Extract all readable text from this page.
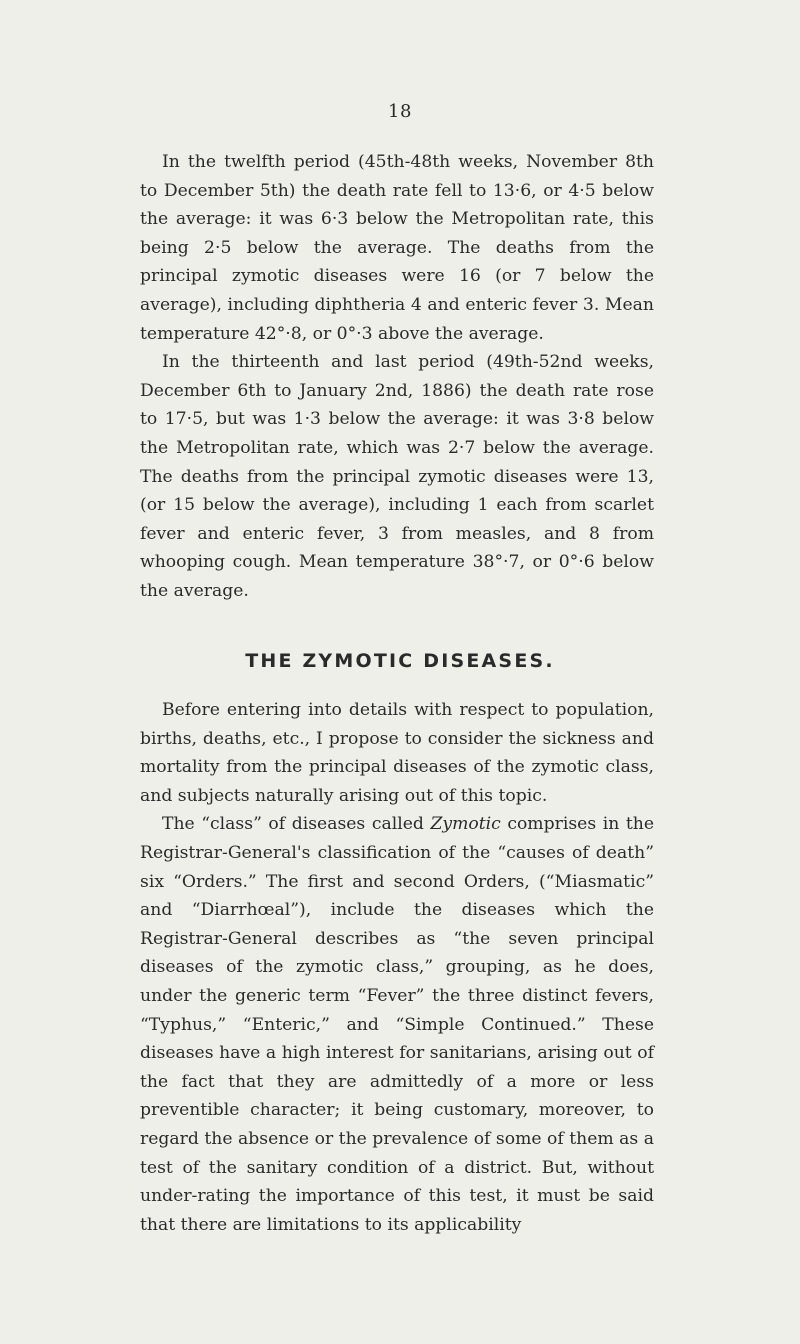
18

In the twelfth period (45th-48th weeks, November 8th to December 5th) the death rate fell to 13·6, or 4·5 below the average: it was 6·3 below the Metropolitan rate, this being 2·5 below the average. The deaths from the principal zymotic diseases were 16 (or 7 below the average), including diphtheria 4 and enteric fever 3. Mean temperature 42°·8, or 0°·3 above the average.

In the thirteenth and last period (49th-52nd weeks, December 6th to January 2nd, 1886) the death rate rose to 17·5, but was 1·3 below the average: it was 3·8 below the Metropolitan rate, which was 2·7 below the average. The deaths from the principal zymotic diseases were 13, (or 15 below the average), including 1 each from scarlet fever and enteric fever, 3 from measles, and 8 from whooping cough. Mean temperature 38°·7, or 0°·6 below the average.

THE ZYMOTIC DISEASES.

Before entering into details with respect to population, births, deaths, etc., I propose to consider the sickness and mortality from the principal diseases of the zymotic class, and subjects naturally arising out of this topic.

The “class” of diseases called Zymotic comprises in the Registrar-General's classification of the “causes of death” six “Orders.” The first and second Orders, (“Miasmatic” and “Diarrhœal”), include the diseases which the Registrar-General describes as “the seven principal diseases of the zymotic class,” grouping, as he does, under the generic term “Fever” the three distinct fevers, “Typhus,” “Enteric,” and “Simple Continued.” These diseases have a high interest for sanitarians, arising out of the fact that they are admittedly of a more or less preventible character; it being customary, moreover, to regard the absence or the prevalence of some of them as a test of the sanitary condition of a district. But, without under-rating the importance of this test, it must be said that there are limitations to its applicability
